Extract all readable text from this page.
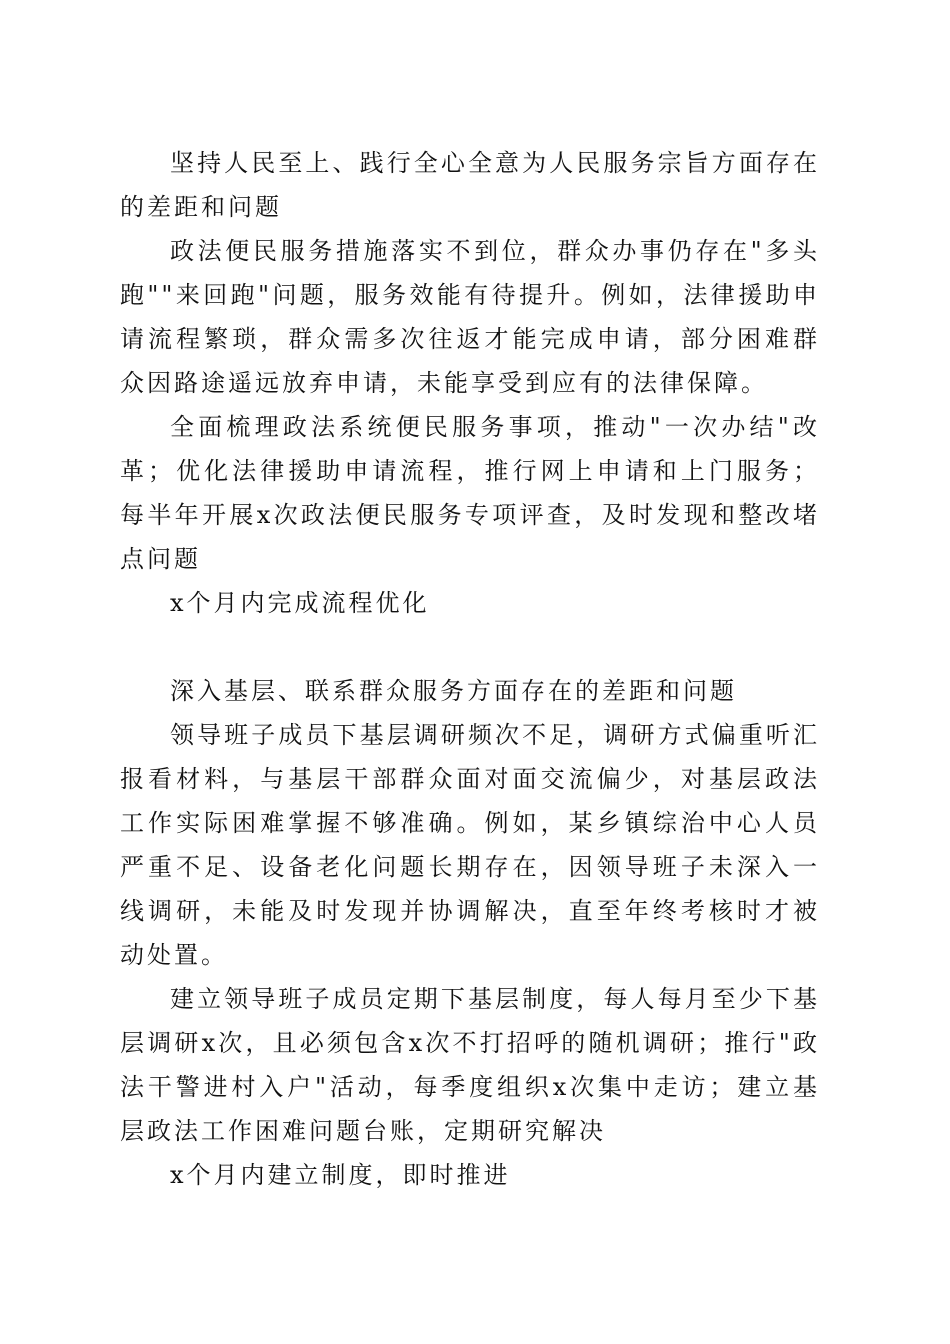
坚持人民至上、践行全心全意为人民服务宗旨方面存在的差距和问题

政法便民服务措施落实不到位，群众办事仍存在"多头跑""来回跑"问题，服务效能有待提升。例如，法律援助申请流程繁琐，群众需多次往返才能完成申请，部分困难群众因路途遥远放弃申请，未能享受到应有的法律保障。

全面梳理政法系统便民服务事项，推动"一次办结"改革；优化法律援助申请流程，推行网上申请和上门服务；每半年开展x次政法便民服务专项评查，及时发现和整改堵点问题

x个月内完成流程优化

深入基层、联系群众服务方面存在的差距和问题

领导班子成员下基层调研频次不足，调研方式偏重听汇报看材料，与基层干部群众面对面交流偏少，对基层政法工作实际困难掌握不够准确。例如，某乡镇综治中心人员严重不足、设备老化问题长期存在，因领导班子未深入一线调研，未能及时发现并协调解决，直至年终考核时才被动处置。

建立领导班子成员定期下基层制度，每人每月至少下基层调研x次，且必须包含x次不打招呼的随机调研；推行"政法干警进村入户"活动，每季度组织x次集中走访；建立基层政法工作困难问题台账，定期研究解决

x个月内建立制度，即时推进
